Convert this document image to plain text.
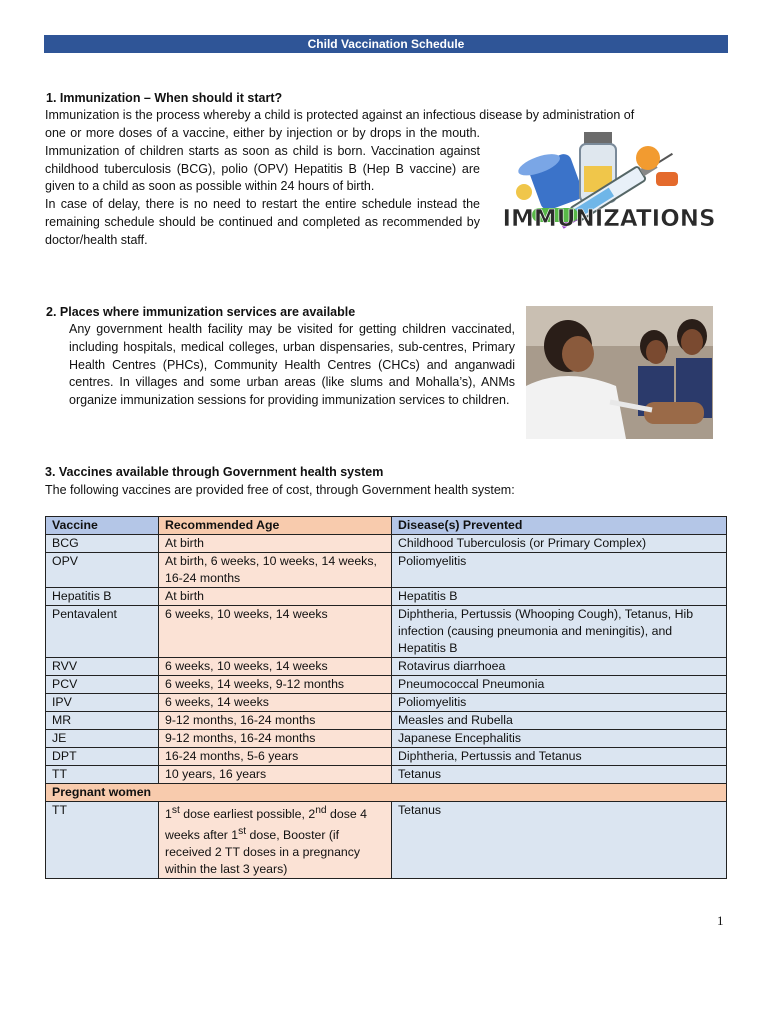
Child Vaccination Schedule
1. Immunization – When should it start?

Immunization is the process whereby a child is protected against an infectious disease by administration of

one or more doses of a vaccine, either by injection or by drops in the mouth. Immunization of children starts as soon as child is born. Vaccination against childhood tuberculosis (BCG), polio (OPV) Hepatitis B (Hep B vaccine) are given to a child as soon as possible within 24 hours of birth.

In case of delay, there is no need to restart the entire schedule instead the remaining schedule should be continued and completed as recommended by doctor/health staff.

IMMUNIZATIONS
2. Places where immunization services are available

Any government health facility may be visited for getting children vaccinated, including hospitals, medical colleges, urban dispensaries, sub-centres, Primary Health Centres (PHCs), Community Health Centres (CHCs) and anganwadi centres. In villages and some urban areas (like slums and Mohalla’s), ANMs organize immunization sessions for providing immunization services to children.

3. Vaccines available through Government health system
The following vaccines are provided free of cost, through Government health system:
Vaccine	Recommended Age	Disease(s) Prevented
BCG	At birth	Childhood Tuberculosis (or Primary Complex)
OPV	At birth, 6 weeks, 10 weeks, 14 weeks, 16-24 months	Poliomyelitis
Hepatitis B	At birth	Hepatitis B
Pentavalent	6 weeks, 10 weeks, 14 weeks	Diphtheria, Pertussis (Whooping Cough), Tetanus, Hib infection (causing pneumonia and meningitis), and Hepatitis B
RVV	6 weeks, 10 weeks, 14 weeks	Rotavirus diarrhoea
PCV	6 weeks, 14 weeks, 9-12 months	Pneumococcal Pneumonia
IPV	6 weeks, 14 weeks	Poliomyelitis
MR	9-12 months, 16-24 months	Measles and Rubella
JE	9-12 months, 16-24 months	Japanese Encephalitis
DPT	16-24 months, 5-6 years	Diphtheria, Pertussis and Tetanus
TT	10 years, 16 years	Tetanus
Pregnant women		
TT	1st dose earliest possible, 2nd dose 4 weeks after 1st dose, Booster (if received 2 TT doses in a pregnancy within the last 3 years)	Tetanus
1
